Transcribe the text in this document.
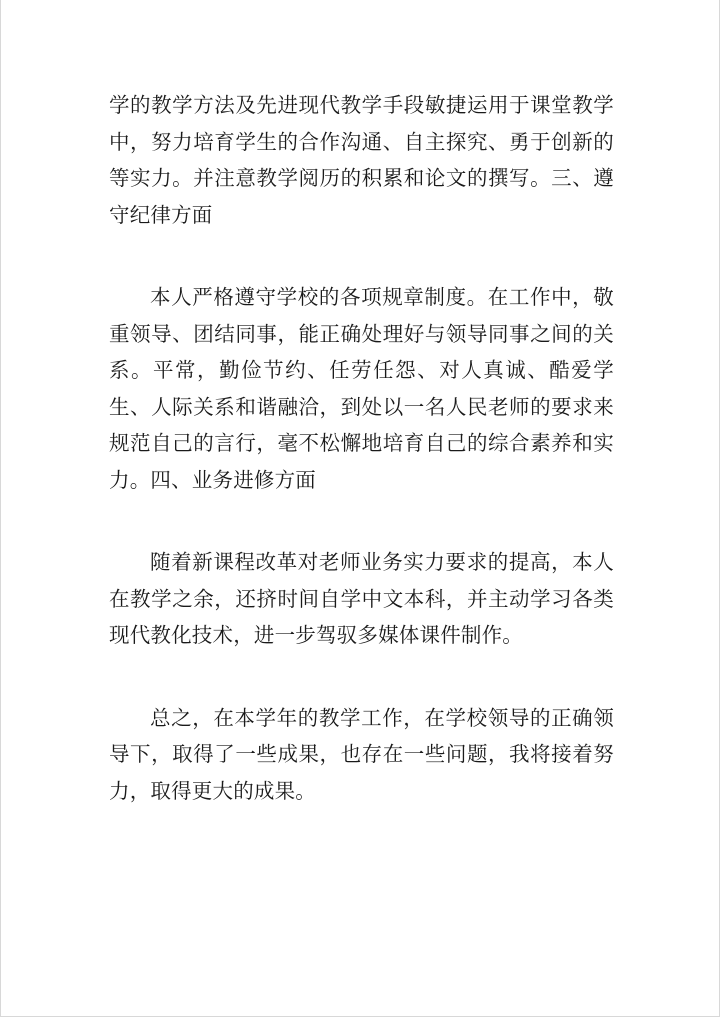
学的教学方法及先进现代教学手段敏捷运用于课堂教学中，努力培育学生的合作沟通、自主探究、勇于创新的等实力。并注意教学阅历的积累和论文的撰写。三、遵守纪律方面

本人严格遵守学校的各项规章制度。在工作中，敬重领导、团结同事，能正确处理好与领导同事之间的关系。平常，勤俭节约、任劳任怨、对人真诚、酷爱学生、人际关系和谐融洽，到处以一名人民老师的要求来规范自己的言行，毫不松懈地培育自己的综合素养和实力。四、业务进修方面

随着新课程改革对老师业务实力要求的提高，本人在教学之余，还挤时间自学中文本科，并主动学习各类现代教化技术，进一步驾驭多媒体课件制作。

总之，在本学年的教学工作，在学校领导的正确领导下，取得了一些成果，也存在一些问题，我将接着努力，取得更大的成果。
